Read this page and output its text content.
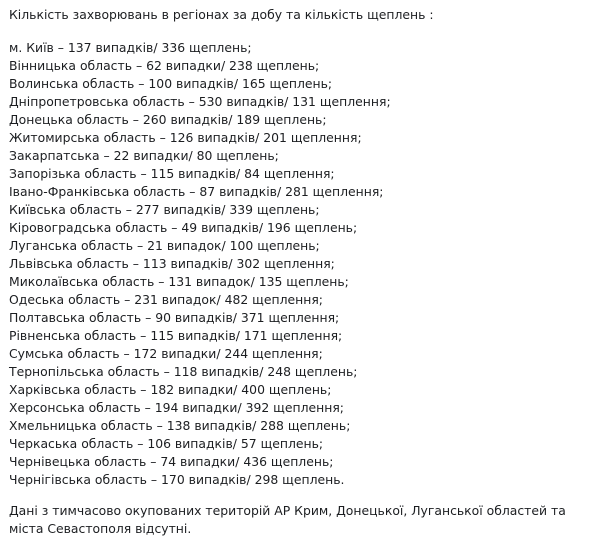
Кількість захворювань в регіонах за добу та кількість щеплень :
м. Київ – 137 випадків/ 336 щеплень;
Вінницька область – 62 випадки/ 238 щеплень;
Волинська область – 100 випадків/ 165 щеплень;
Дніпропетровська область – 530 випадків/ 131 щеплення;
Донецька область – 260 випадків/ 189 щеплень;
Житомирська область – 126 випадків/ 201 щеплення;
Закарпатська – 22 випадки/ 80 щеплень;
Запорізька область – 115 випадків/ 84 щеплення;
Івано-Франківська область – 87 випадків/ 281 щеплення;
Київська область – 277 випадків/ 339 щеплень;
Кіровоградська область – 49 випадків/ 196 щеплень;
Луганська область – 21 випадок/ 100 щеплень;
Львівська область – 113 випадків/ 302 щеплення;
Миколаївська область – 131 випадок/ 135 щеплень;
Одеська область – 231 випадок/ 482 щеплення;
Полтавська область – 90 випадків/ 371 щеплення;
Рівненська область – 115 випадків/ 171 щеплення;
Сумська область – 172 випадки/ 244 щеплення;
Тернопільська область – 118 випадків/ 248 щеплень;
Харківська область – 182 випадки/ 400 щеплень;
Херсонська область – 194 випадки/ 392 щеплення;
Хмельницька область – 138 випадків/ 288 щеплень;
Черкаська область – 106 випадків/ 57 щеплень;
Чернівецька область – 74 випадки/ 436 щеплень;
Чернігівська область – 170 випадків/ 298 щеплень.
Дані з тимчасово окупованих територій АР Крим, Донецької, Луганської областей та міста Севастополя відсутні.
